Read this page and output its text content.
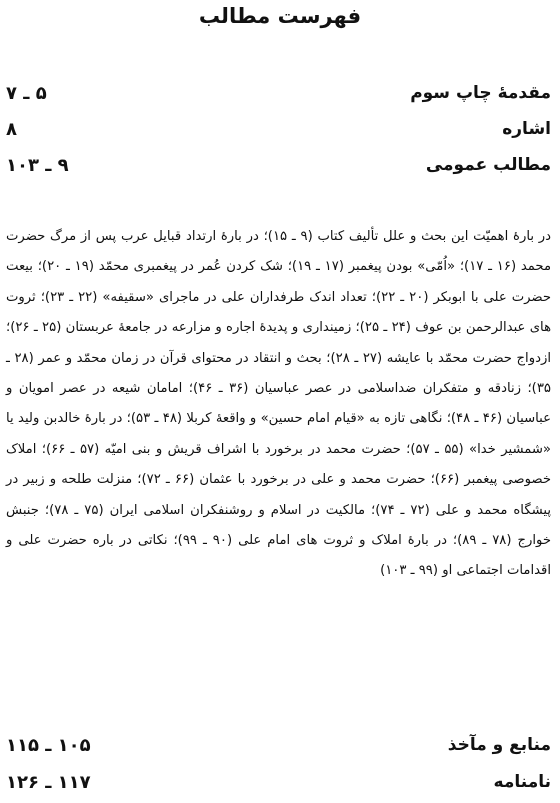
فهرست مطالب
مقدمهٔ چاپ سوم
۵ ـ ۷
اشاره
۸
مطالب عمومی
۹ ـ ۱۰۳
در بارهٔ اهمیّت این بحث و علل تألیف کتاب (۹ ـ ۱۵)؛ در بارهٔ ارتداد قبایل عرب پس از مرگ حضرت محمد (۱۶ ـ ۱۷)؛ «اُمّی» بودن پیغمبر (۱۷ ـ ۱۹)؛ شک کردن عُمر در پیغمبری محمّد (۱۹ ـ ۲۰)؛ بیعت حضرت علی با ابوبکر (۲۰ ـ ۲۲)؛ تعداد اندک طرفداران علی در ماجرای «سقیفه» (۲۲ ـ ۲۳)؛ ثروت های عبدالرحمن بن عوف (۲۴ ـ ۲۵)؛ زمینداری و پدیدهٔ اجاره و مزارعه در جامعهٔ عربستان (۲۵ ـ ۲۶)؛ ازدواج حضرت محمّد با عایشه (۲۷ ـ ۲۸)؛ بحث و انتقاد در محتوای قرآن در زمان محمّد و عمر (۲۸ ـ ۳۵)؛ زنادقه و متفکران ضداسلامی در عصر عباسیان (۳۶ ـ ۴۶)؛ امامان شیعه در عصر امویان و عباسیان (۴۶ ـ ۴۸)؛ نگاهی تازه به «قیام امام حسین» و واقعهٔ کربلا (۴۸ ـ ۵۳)؛ در بارهٔ خالدبن ولید یا «شمشیر خدا» (۵۵ ـ ۵۷)؛ حضرت محمد در برخورد با اشراف قریش و بنی امیّه (۵۷ ـ ۶۶)؛ املاک خصوصی پیغمبر (۶۶)؛ حضرت محمد و علی در برخورد با عثمان (۶۶ ـ ۷۲)؛ منزلت طلحه و زبیر در پیشگاه محمد و علی (۷۲ ـ ۷۴)؛ مالکیت در اسلام و روشنفکران اسلامی ایران (۷۵ ـ ۷۸)؛ جنبش خوارج (۷۸ ـ ۸۹)؛ در بارهٔ املاک و ثروت های امام علی (۹۰ ـ ۹۹)؛ نکاتی در باره حضرت علی و اقدامات اجتماعی او (۹۹ ـ ۱۰۳)
منابع و مآخذ
۱۰۵ ـ ۱۱۵
نامنامه
۱۱۷ ـ ۱۲۶
